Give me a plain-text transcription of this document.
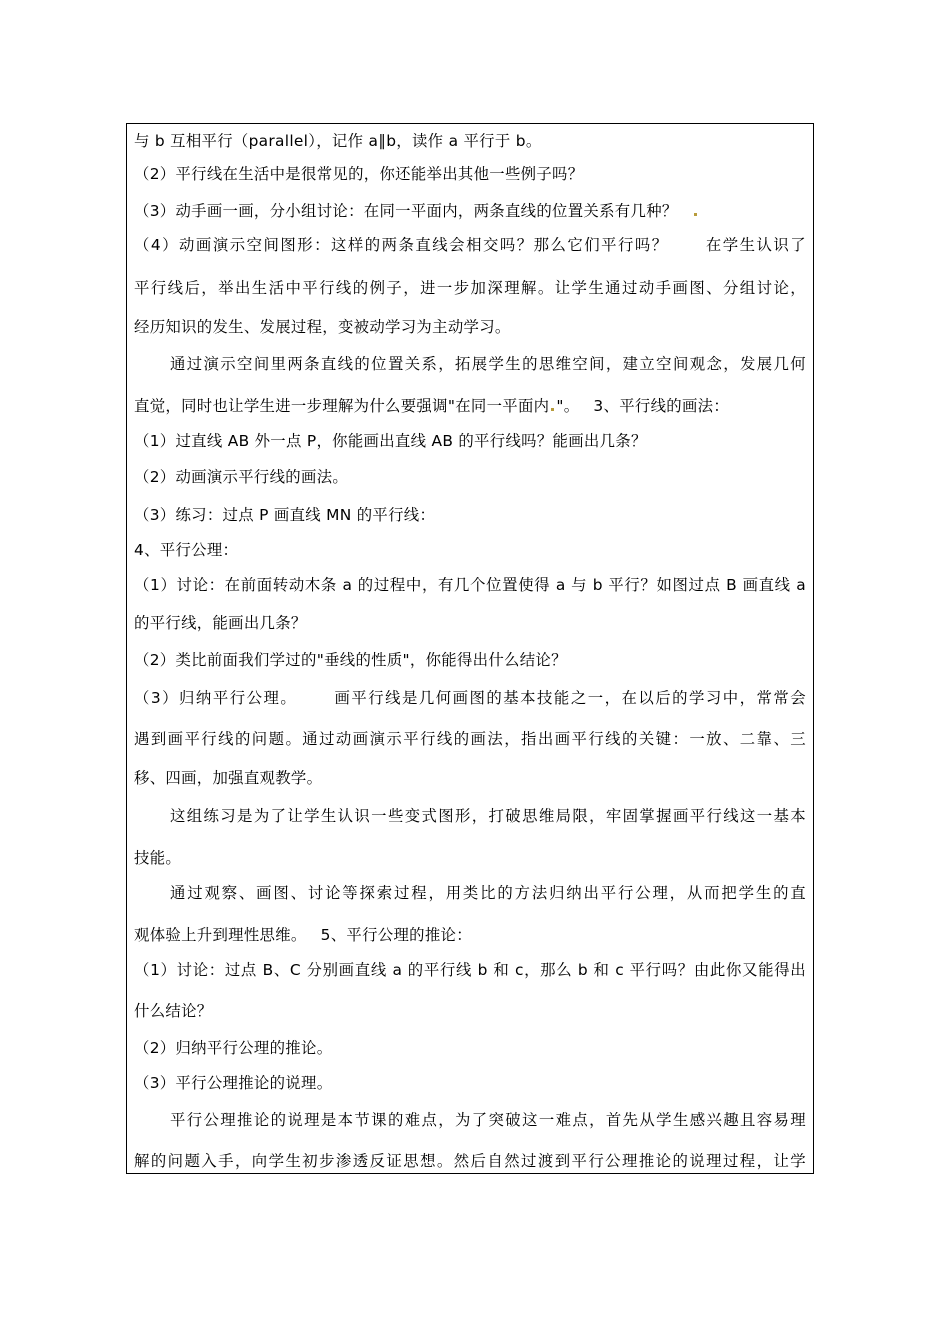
与 b 互相平行（parallel），记作 a∥b，读作 a 平行于 b。
（2）平行线在生活中是很常见的，你还能举出其他一些例子吗？
（3）动手画一画，分小组讨论：在同一平面内，两条直线的位置关系有几种？
（4）动画演示空间图形：这样的两条直线会相交吗？那么它们平行吗？ 在学生认识了
平行线后，举出生活中平行线的例子，进一步加深理解。让学生通过动手画图、分组讨论，
经历知识的发生、发展过程，变被动学习为主动学习。
通过演示空间里两条直线的位置关系，拓展学生的思维空间，建立空间观念，发展几何
直觉，同时也让学生进一步理解为什么要强调"在同一平面内 "。 3、平行线的画法：
（1）过直线 AB 外一点 P，你能画出直线 AB 的平行线吗？能画出几条？
（2）动画演示平行线的画法。
（3）练习：过点 P 画直线 MN 的平行线：
4、平行公理：
（1）讨论：在前面转动木条 a 的过程中，有几个位置使得 a 与 b 平行？如图过点 B 画直线 a
的平行线，能画出几条？
（2）类比前面我们学过的"垂线的性质"，你能得出什么结论？
（3）归纳平行公理。 画平行线是几何画图的基本技能之一，在以后的学习中，常常会
遇到画平行线的问题。通过动画演示平行线的画法，指出画平行线的关键：一放、二靠、三
移、四画，加强直观教学。
这组练习是为了让学生认识一些变式图形，打破思维局限，牢固掌握画平行线这一基本
技能。
通过观察、画图、讨论等探索过程，用类比的方法归纳出平行公理，从而把学生的直
观体验上升到理性思维。 5、平行公理的推论：
（1）讨论：过点 B、C 分别画直线 a 的平行线 b 和 c，那么 b 和 c 平行吗？由此你又能得出
什么结论？
（2）归纳平行公理的推论。
（3）平行公理推论的说理。
平行公理推论的说理是本节课的难点，为了突破这一难点，首先从学生感兴趣且容易理
解的问题入手，向学生初步渗透反证思想。然后自然过渡到平行公理推论的说理过程，让学
